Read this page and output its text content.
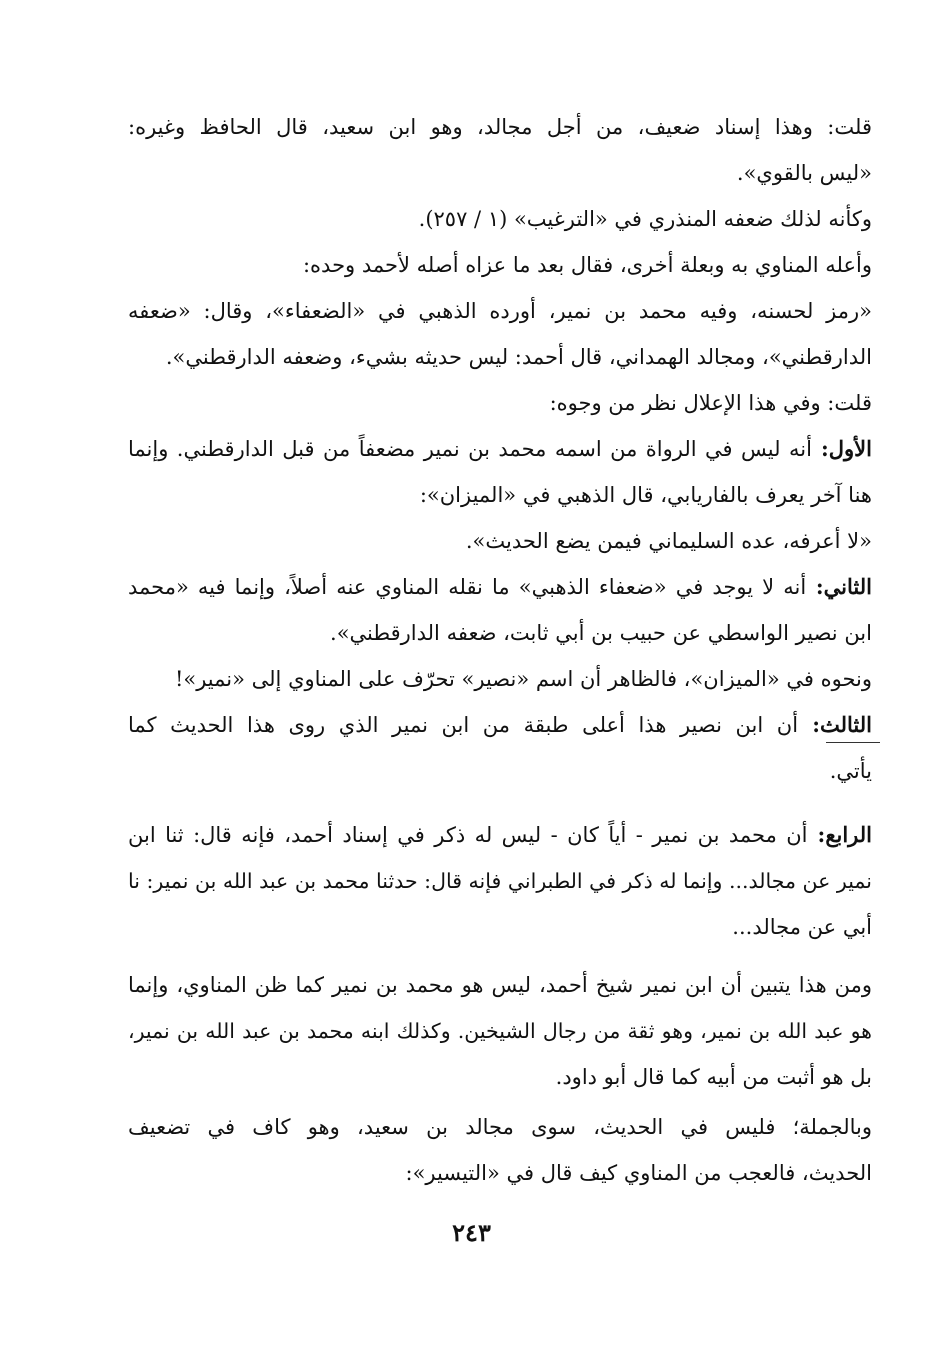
قلت: وهذا إسناد ضعيف، من أجل مجالد، وهو ابن سعيد، قال الحافظ وغيره:
«ليس بالقوي».
وكأنه لذلك ضعفه المنذري في «الترغيب» (١ / ٢٥٧).
وأعله المناوي به وبعلة أخرى، فقال بعد ما عزاه أصله لأحمد وحده:
«رمز لحسنه، وفيه محمد بن نمير، أورده الذهبي في «الضعفاء»، وقال: «ضعفه
الدارقطني»، ومجالد الهمداني، قال أحمد: ليس حديثه بشيء، وضعفه الدارقطني».
قلت: وفي هذا الإعلال نظر من وجوه:
الأول: أنه ليس في الرواة من اسمه محمد بن نمير مضعفاً من قبل الدارقطني. وإنما
هنا آخر يعرف بالفاريابي، قال الذهبي في «الميزان»:
«لا أعرفه، عده السليماني فيمن يضع الحديث».
الثاني: أنه لا يوجد في «ضعفاء الذهبي» ما نقله المناوي عنه أصلاً، وإنما فيه «محمد
ابن نصير الواسطي عن حبيب بن أبي ثابت، ضعفه الدارقطني».
ونحوه في «الميزان»، فالظاهر أن اسم «نصير» تحرّف على المناوي إلى «نمير»!
الثالث: أن ابن نصير هذا أعلى طبقة من ابن نمير الذي روى هذا الحديث كما
يأتي.
الرابع: أن محمد بن نمير - أياً كان - ليس له ذكر في إسناد أحمد، فإنه قال: ثنا ابن
نمير عن مجالد... وإنما له ذكر في الطبراني فإنه قال: حدثنا محمد بن عبد الله بن نمير: نا
أبي عن مجالد...
ومن هذا يتبين أن ابن نمير شيخ أحمد، ليس هو محمد بن نمير كما ظن المناوي، وإنما
هو عبد الله بن نمير، وهو ثقة من رجال الشيخين. وكذلك ابنه محمد بن عبد الله بن نمير،
بل هو أثبت من أبيه كما قال أبو داود.
وبالجملة؛ فليس في الحديث، سوى مجالد بن سعيد، وهو كاف في تضعيف
الحديث، فالعجب من المناوي كيف قال في «التيسير»:
٢٤٣
